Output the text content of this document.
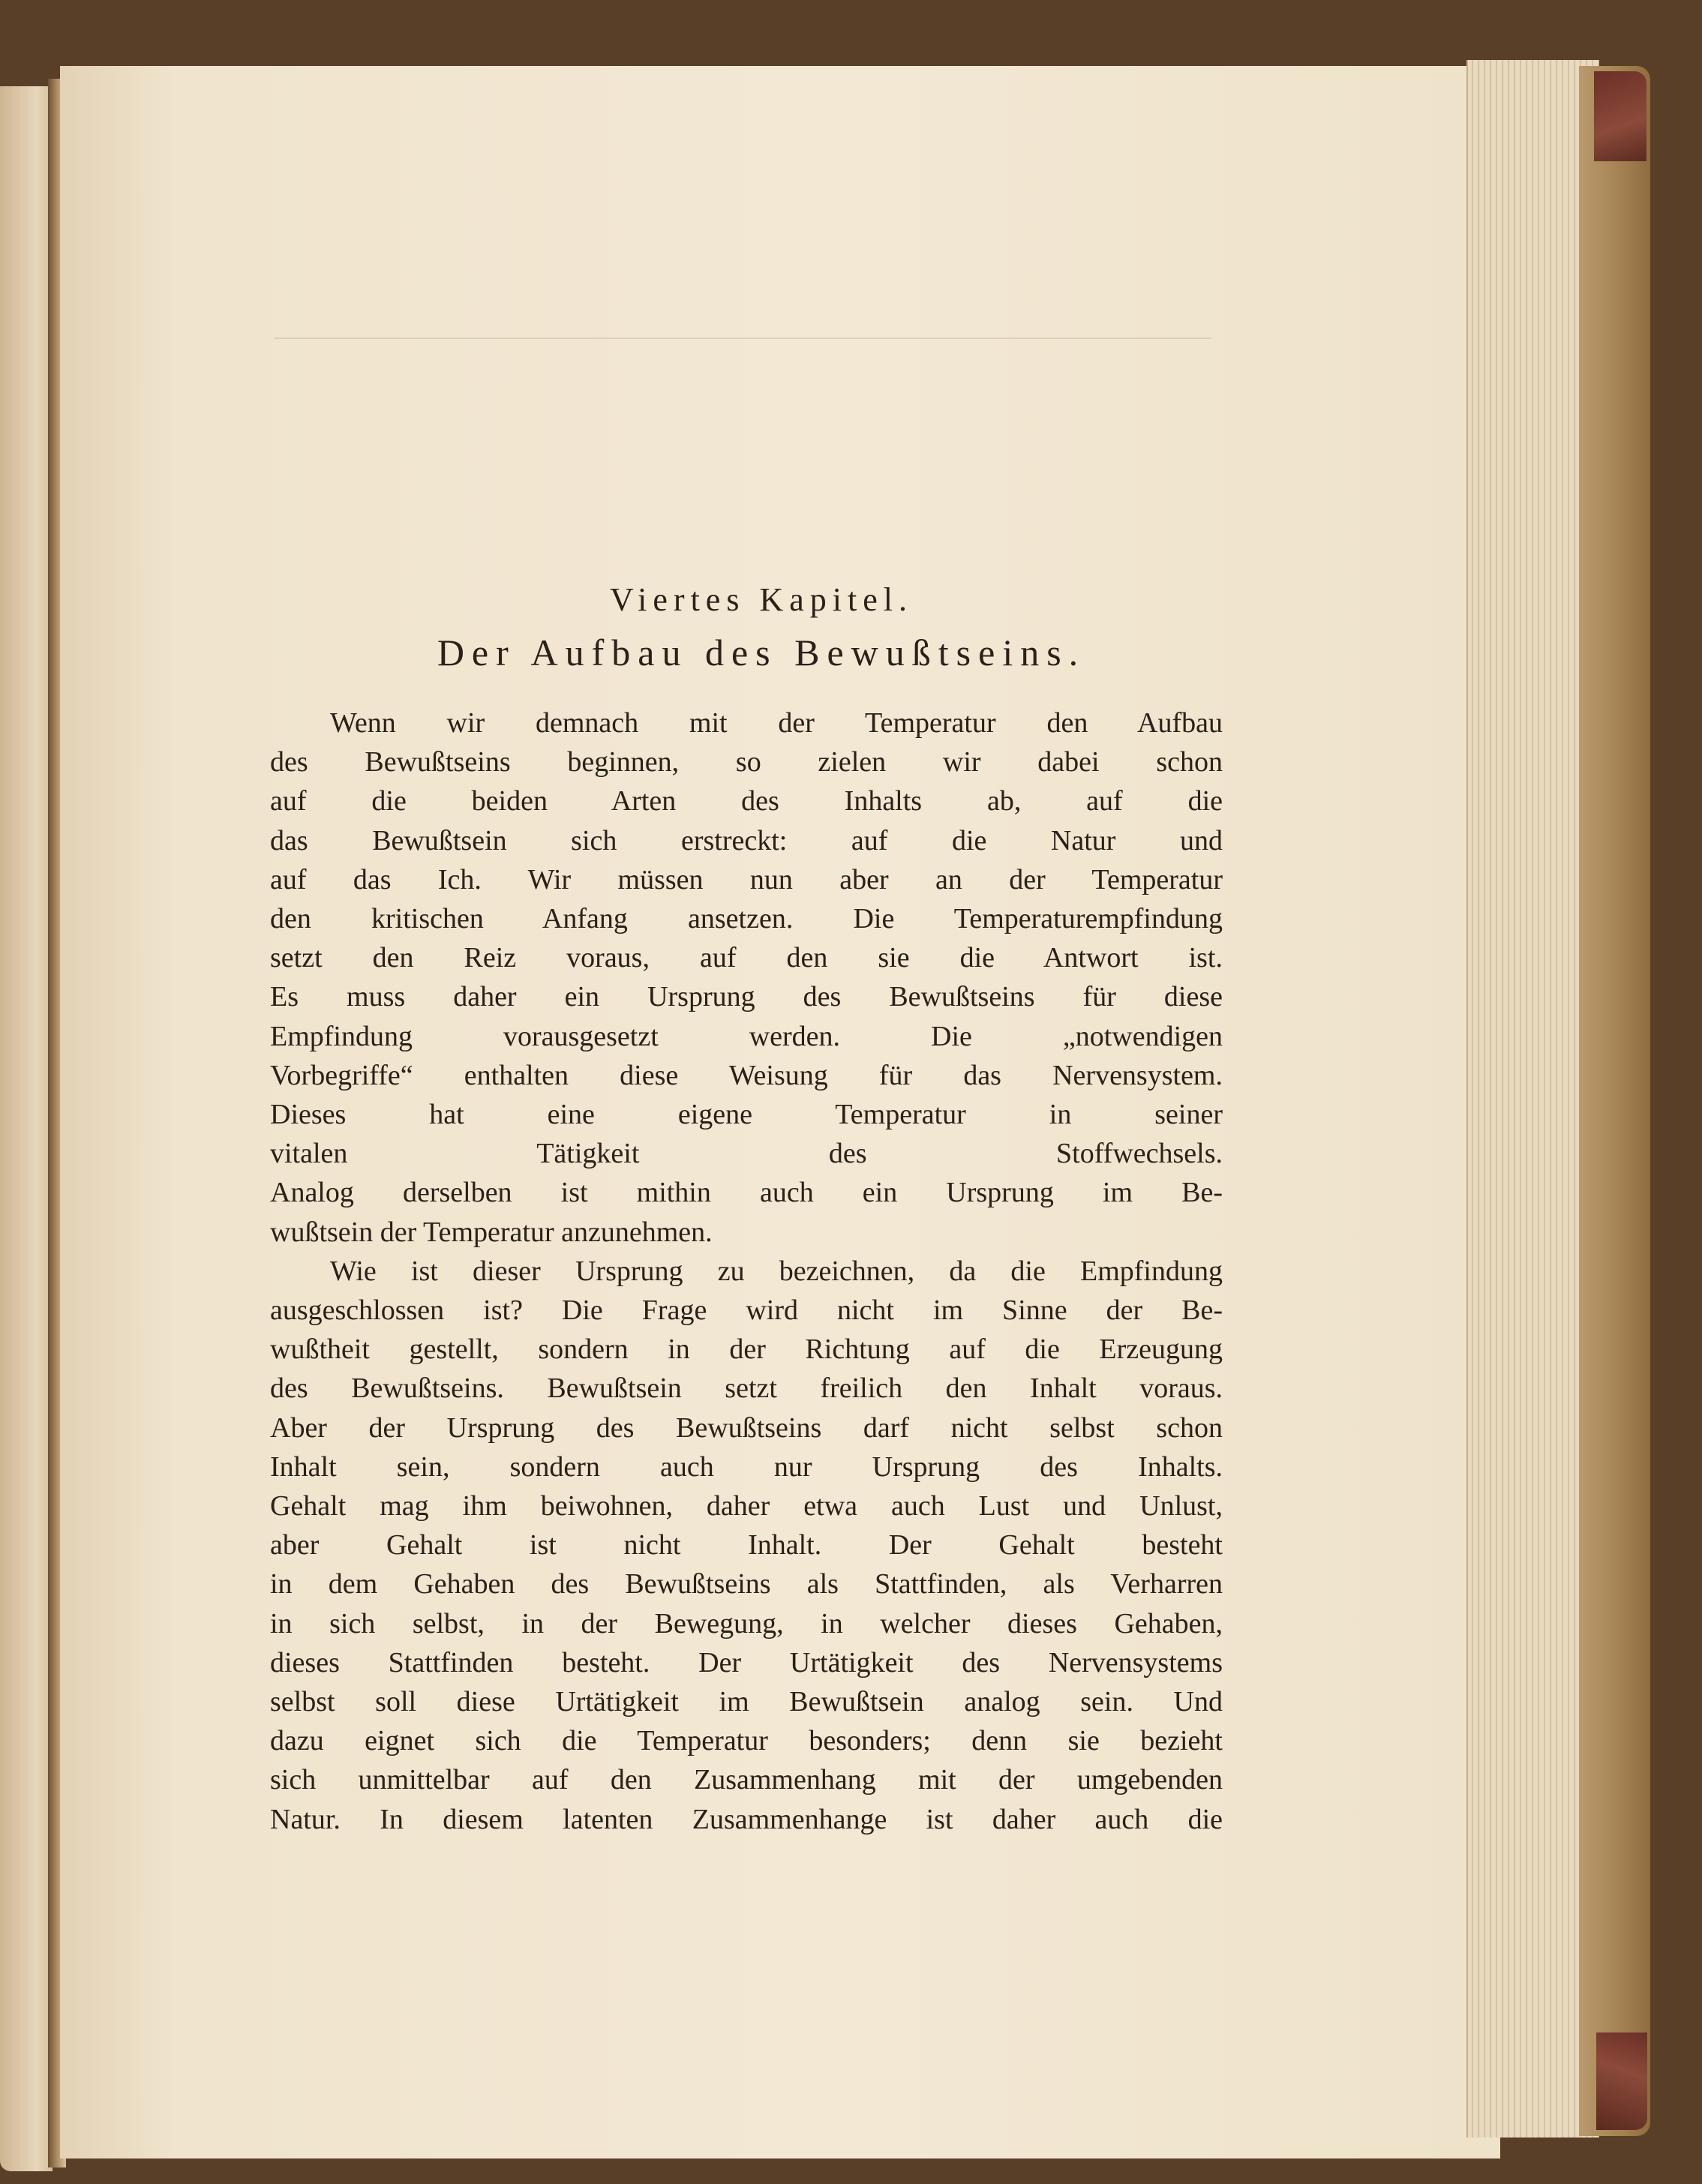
Viertes Kapitel.
Der Aufbau des Bewußtseins.
Wenn wir demnach mit der Temperatur den Aufbau
des Bewußtseins beginnen, so zielen wir dabei schon
auf die beiden Arten des Inhalts ab, auf die
das Bewußtsein sich erstreckt: auf die Natur und
auf das Ich. Wir müssen nun aber an der Temperatur
den kritischen Anfang ansetzen. Die Temperaturempfindung
setzt den Reiz voraus, auf den sie die Antwort ist.
Es muss daher ein Ursprung des Bewußtseins für diese
Empfindung vorausgesetzt werden. Die „notwendigen
Vorbegriffe“ enthalten diese Weisung für das Nervensystem.
Dieses hat eine eigene Temperatur in seiner
vitalen Tätigkeit des Stoffwechsels.
Analog derselben ist mithin auch ein Ursprung im Be-
wußtsein der Temperatur anzunehmen.
Wie ist dieser Ursprung zu bezeichnen, da die Empfindung
ausgeschlossen ist? Die Frage wird nicht im Sinne der Be-
wußtheit gestellt, sondern in der Richtung auf die Erzeugung
des Bewußtseins. Bewußtsein setzt freilich den Inhalt voraus.
Aber der Ursprung des Bewußtseins darf nicht selbst schon
Inhalt sein, sondern auch nur Ursprung des Inhalts.
Gehalt mag ihm beiwohnen, daher etwa auch Lust und Unlust,
aber Gehalt ist nicht Inhalt. Der Gehalt besteht
in dem Gehaben des Bewußtseins als Stattfinden, als Verharren
in sich selbst, in der Bewegung, in welcher dieses Gehaben,
dieses Stattfinden besteht. Der Urtätigkeit des Nervensystems
selbst soll diese Urtätigkeit im Bewußtsein analog sein. Und
dazu eignet sich die Temperatur besonders; denn sie bezieht
sich unmittelbar auf den Zusammenhang mit der umgebenden
Natur. In diesem latenten Zusammenhange ist daher auch die
